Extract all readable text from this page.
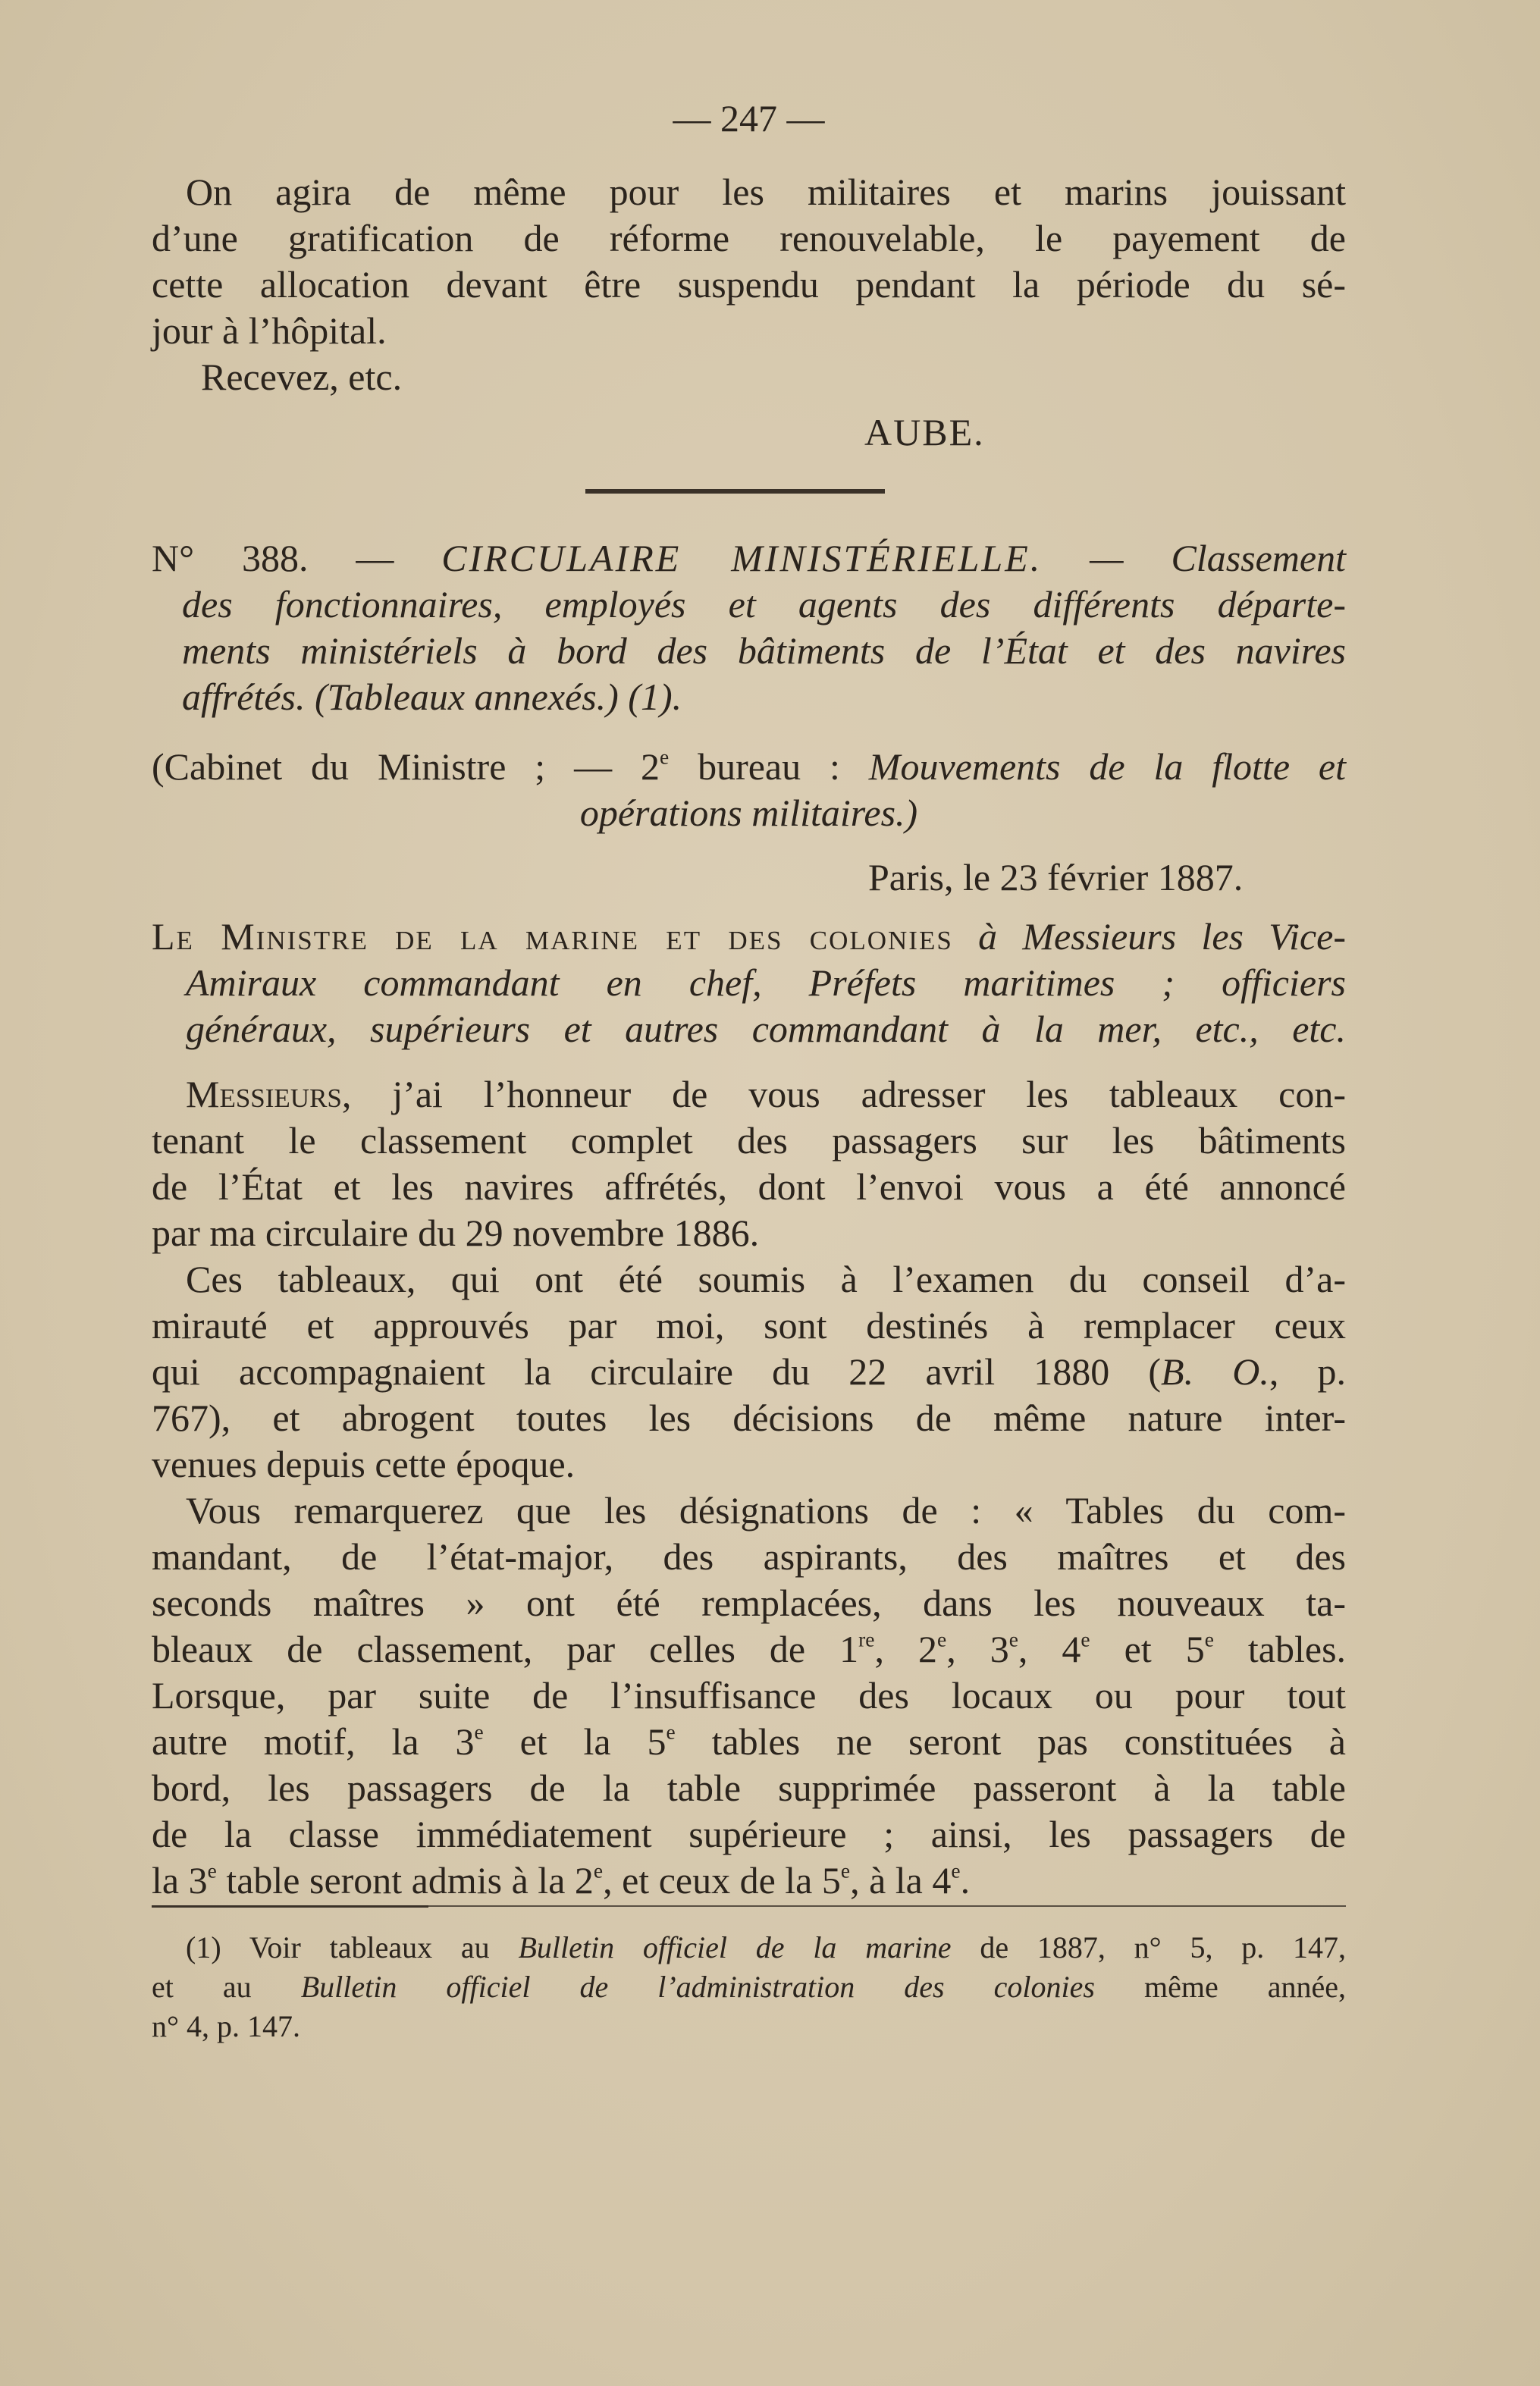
— 247 —
On agira de même pour les militaires et marins jouissant
d’une gratification de réforme renouvelable, le payement de
cette allocation devant être suspendu pendant la période du sé-
jour à l’hôpital.
Recevez, etc.
AUBE.
N° 388. — CIRCULAIRE MINISTÉRIELLE. — Classement
des fonctionnaires, employés et agents des différents départe-
ments ministériels à bord des bâtiments de l’État et des navires
affrétés. (Tableaux annexés.) (1).
(Cabinet du Ministre ; — 2e bureau : Mouvements de la flotte et
opérations militaires.)
Paris, le 23 février 1887.
Le Ministre de la marine et des colonies à Messieurs les Vice-
Amiraux commandant en chef, Préfets maritimes ; officiers
généraux, supérieurs et autres commandant à la mer, etc., etc.
Messieurs, j’ai l’honneur de vous adresser les tableaux con-
tenant le classement complet des passagers sur les bâtiments
de l’État et les navires affrétés, dont l’envoi vous a été annoncé
par ma circulaire du 29 novembre 1886.
Ces tableaux, qui ont été soumis à l’examen du conseil d’a-
mirauté et approuvés par moi, sont destinés à remplacer ceux
qui accompagnaient la circulaire du 22 avril 1880 (B. O., p.
767), et abrogent toutes les décisions de même nature inter-
venues depuis cette époque.
Vous remarquerez que les désignations de : « Tables du com-
mandant, de l’état-major, des aspirants, des maîtres et des
seconds maîtres » ont été remplacées, dans les nouveaux ta-
bleaux de classement, par celles de 1re, 2e, 3e, 4e et 5e tables.
Lorsque, par suite de l’insuffisance des locaux ou pour tout
autre motif, la 3e et la 5e tables ne seront pas constituées à
bord, les passagers de la table supprimée passeront à la table
de la classe immédiatement supérieure ; ainsi, les passagers de
la 3e table seront admis à la 2e, et ceux de la 5e, à la 4e.
(1) Voir tableaux au Bulletin officiel de la marine de 1887, n° 5, p. 147,
et au Bulletin officiel de l’administration des colonies même année,
n° 4, p. 147.
